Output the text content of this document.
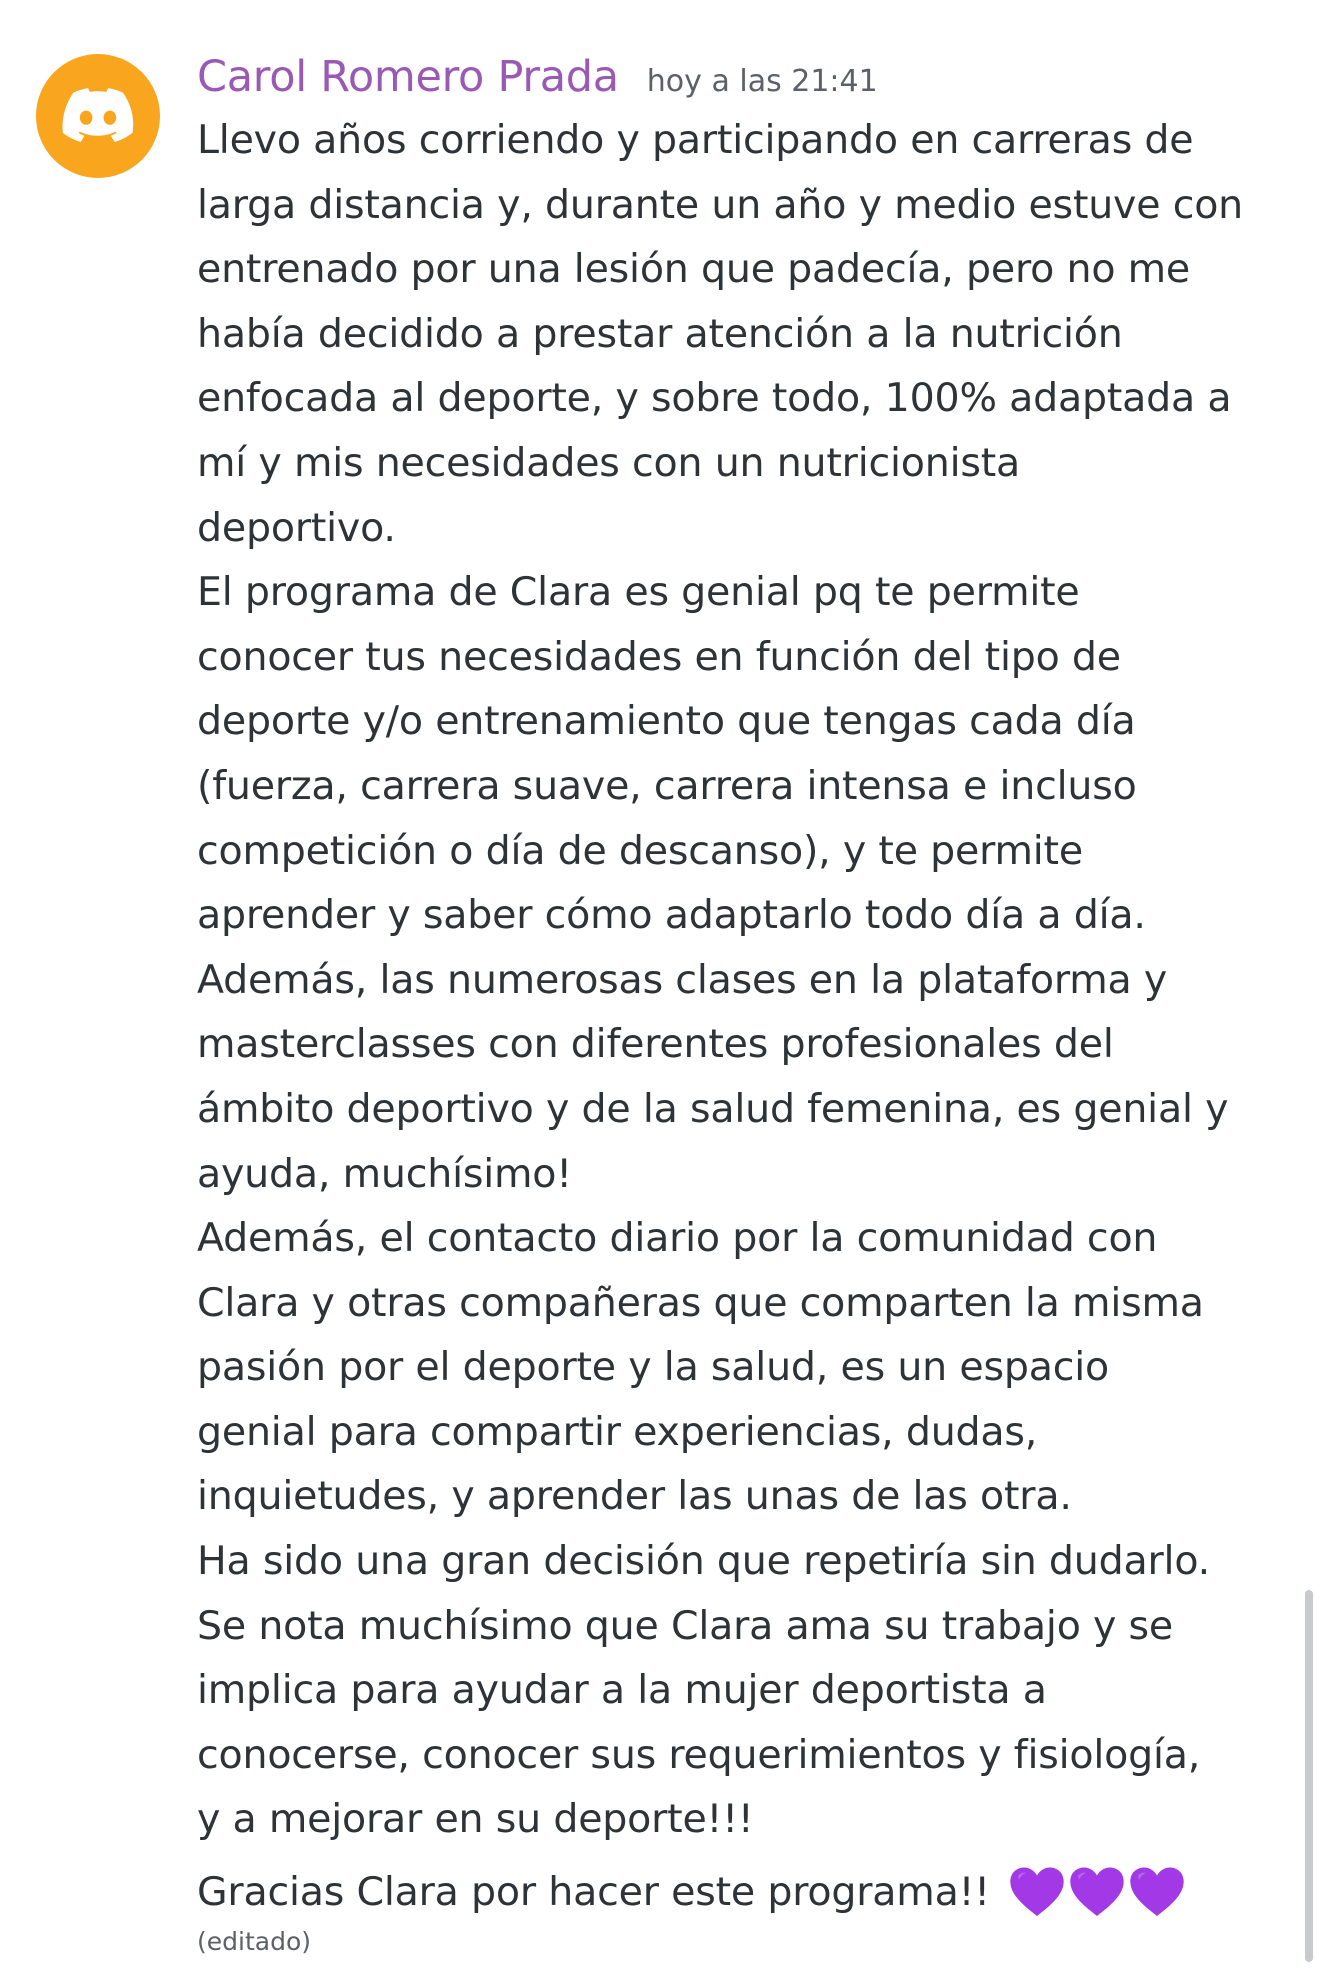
Carol Romero Prada hoy a las 21:41
Llevo años corriendo y participando en carreras de
larga distancia y, durante un año y medio estuve con
entrenado por una lesión que padecía, pero no me
había decidido a prestar atención a la nutrición
enfocada al deporte, y sobre todo, 100% adaptada a
mí y mis necesidades con un nutricionista
deportivo.
El programa de Clara es genial pq te permite
conocer tus necesidades en función del tipo de
deporte y/o entrenamiento que tengas cada día
(fuerza, carrera suave, carrera intensa e incluso
competición o día de descanso), y te permite
aprender y saber cómo adaptarlo todo día a día.
Además, las numerosas clases en la plataforma y
masterclasses con diferentes profesionales del
ámbito deportivo y de la salud femenina, es genial y
ayuda, muchísimo!
Además, el contacto diario por la comunidad con
Clara y otras compañeras que comparten la misma
pasión por el deporte y la salud, es un espacio
genial para compartir experiencias, dudas,
inquietudes, y aprender las unas de las otra.
Ha sido una gran decisión que repetiría sin dudarlo.
Se nota muchísimo que Clara ama su trabajo y se
implica para ayudar a la mujer deportista a
conocerse, conocer sus requerimientos y fisiología,
y a mejorar en su deporte!!!
Gracias Clara por hacer este programa!!
(editado)
